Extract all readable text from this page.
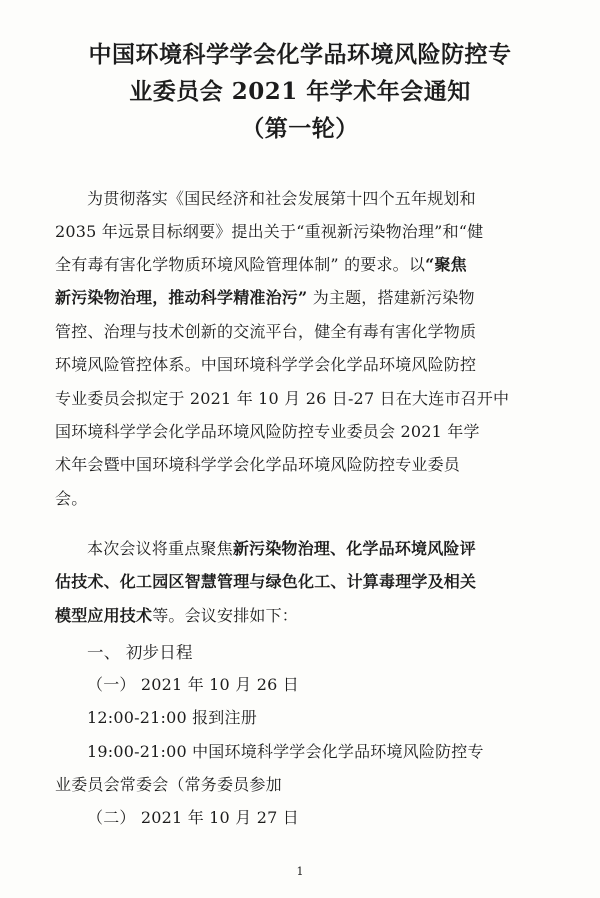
中国环境科学学会化学品环境风险防控专
业委员会 2021 年学术年会通知
（第一轮）
为贯彻落实《国民经济和社会发展第十四个五年规划和
2035 年远景目标纲要》提出关于“重视新污染物治理”和“健
全有毒有害化学物质环境风险管理体制” 的要求。以“聚焦
新污染物治理，推动科学精准治污” 为主题，搭建新污染物
管控、治理与技术创新的交流平台，健全有毒有害化学物质
环境风险管控体系。中国环境科学学会化学品环境风险防控
专业委员会拟定于 2021 年 10 月 26 日-27 日在大连市召开中
国环境科学学会化学品环境风险防控专业委员会 2021 年学
术年会暨中国环境科学学会化学品环境风险防控专业委员
会。
本次会议将重点聚焦新污染物治理、化学品环境风险评
估技术、化工园区智慧管理与绿色化工、计算毒理学及相关
模型应用技术等。会议安排如下：
一、 初步日程
（一） 2021 年 10 月 26 日
12:00-21:00 报到注册
19:00-21:00 中国环境科学学会化学品环境风险防控专
业委员会常委会（常务委员参加
（二） 2021 年 10 月 27 日
1
